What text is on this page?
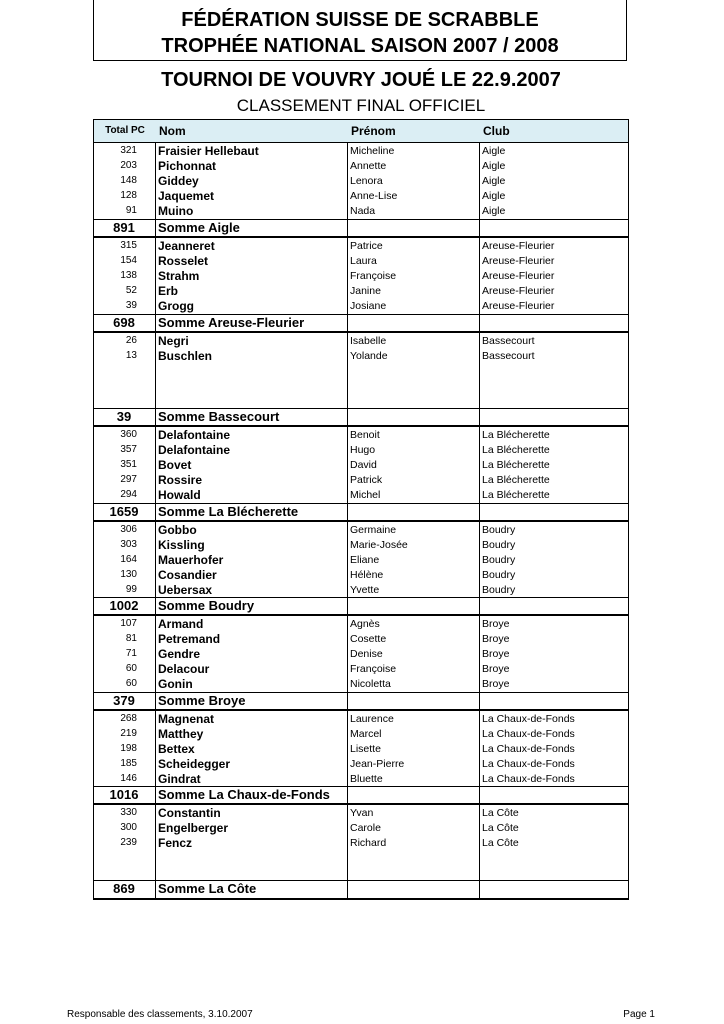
FÉDÉRATION SUISSE DE SCRABBLE
TROPHÉE NATIONAL SAISON 2007 / 2008
TOURNOI DE VOUVRY JOUÉ LE 22.9.2007
CLASSEMENT FINAL OFFICIEL
Total PC	Nom	Prénom	Club
321 Fraisier Hellebaut	Micheline	Aigle
203 Pichonnat	Annette	Aigle
148 Giddey	Lenora	Aigle
128 Jaquemet	Anne-Lise	Aigle
91 Muino	Nada	Aigle
891	Somme Aigle
315 Jeanneret	Patrice	Areuse-Fleurier
154 Rosselet	Laura	Areuse-Fleurier
138 Strahm	Françoise	Areuse-Fleurier
52 Erb	Janine	Areuse-Fleurier
39 Grogg	Josiane	Areuse-Fleurier
698	Somme Areuse-Fleurier
26 Negri	Isabelle	Bassecourt
13 Buschlen	Yolande	Bassecourt
39	Somme Bassecourt
360 Delafontaine	Benoit	La Blécherette
357 Delafontaine	Hugo	La Blécherette
351 Bovet	David	La Blécherette
297 Rossire	Patrick	La Blécherette
294 Howald	Michel	La Blécherette
1659	Somme La Blécherette
306 Gobbo	Germaine	Boudry
303 Kissling	Marie-Josée	Boudry
164 Mauerhofer	Eliane	Boudry
130 Cosandier	Hélène	Boudry
99 Uebersax	Yvette	Boudry
1002	Somme Boudry
107 Armand	Agnès	Broye
81 Petremand	Cosette	Broye
71 Gendre	Denise	Broye
60 Delacour	Françoise	Broye
60 Gonin	Nicoletta	Broye
379	Somme Broye
268 Magnenat	Laurence	La Chaux-de-Fonds
219 Matthey	Marcel	La Chaux-de-Fonds
198 Bettex	Lisette	La Chaux-de-Fonds
185 Scheidegger	Jean-Pierre	La Chaux-de-Fonds
146 Gindrat	Bluette	La Chaux-de-Fonds
1016	Somme La Chaux-de-Fonds
330 Constantin	Yvan	La Côte
300 Engelberger	Carole	La Côte
239 Fencz	Richard	La Côte
869	Somme La Côte
Responsable des classements, 3.10.2007	Page 1
